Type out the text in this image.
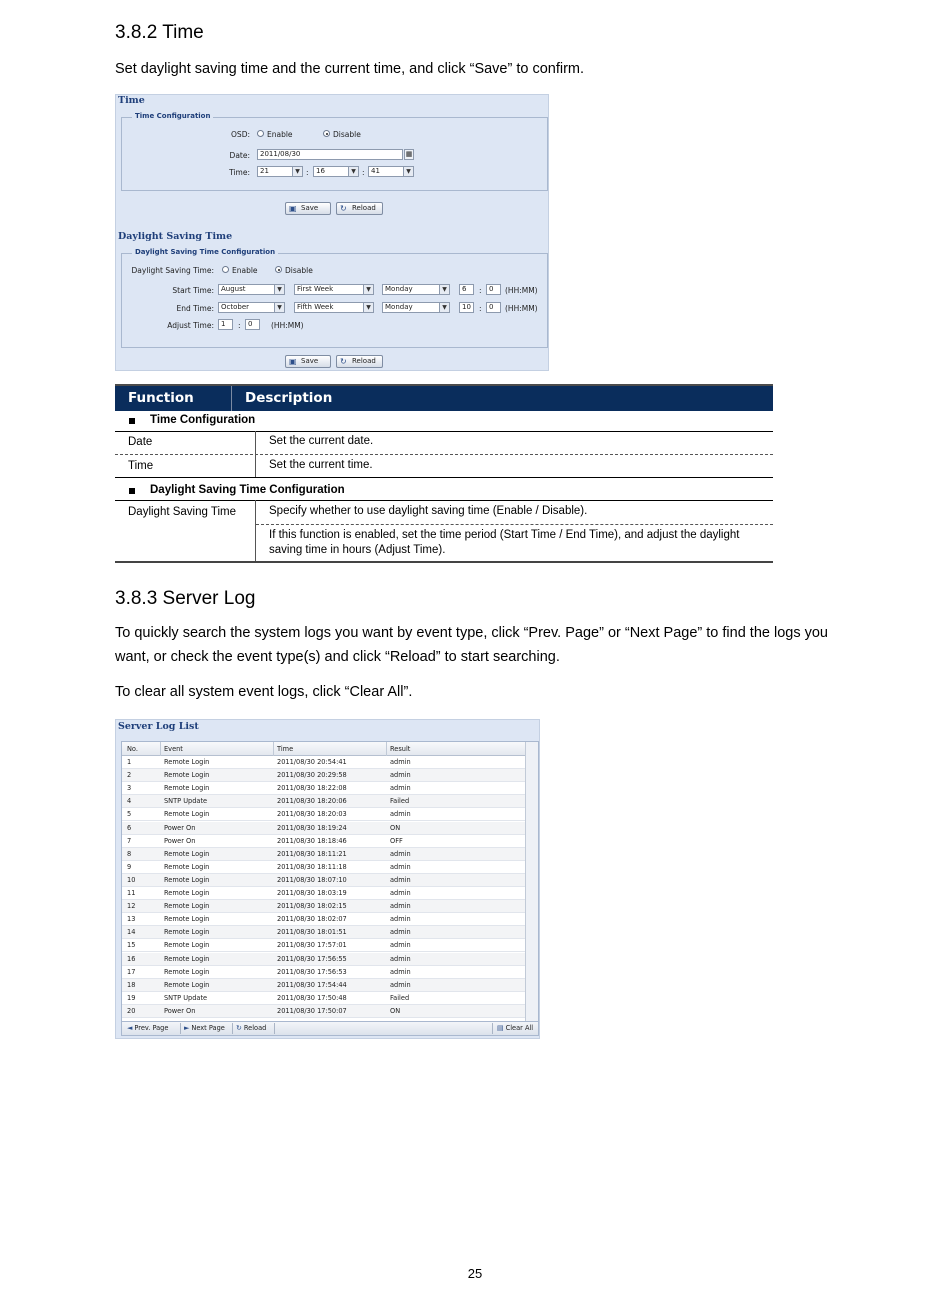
3.8.2 Time

Set daylight saving time and the current time, and click “Save” to confirm.

Time
Time Configuration
OSD: Enable	Disable
Date:	2011/08/30	▦
Time:	21	▼ :	16	▼ : 41	▼
▣ Save	↻ Reload
Daylight Saving Time
Daylight Saving Time Configuration
Daylight Saving Time: Enable	Disable
Start Time:	August	▼	First Week	▼	Monday	▼	6	:	0	(HH:MM)
End Time:	October	▼	Fifth Week	▼	Monday	▼	10	:	0	(HH:MM)
Adjust Time:	1	:	0	(HH:MM)
▣ Save	↻ Reload
Function	Description
Time Configuration
Date	Set the current date.
Time	Set the current time.
Daylight Saving Time Configuration
Daylight Saving Time	Specify whether to use daylight saving time (Enable / Disable).
If this function is enabled, set the time period (Start Time / End Time), and adjust the daylight
saving time in hours (Adjust Time).
3.8.3 Server Log

To quickly search the system logs you want by event type, click “Prev. Page” or “Next Page” to find the logs you
want, or check the event type(s) and click “Reload” to start searching.

To clear all system event logs, click “Clear All”.

Server Log List
No.	Event	Time	Result
1	Remote Login	2011/08/30 20:54:41	admin
2	Remote Login	2011/08/30 20:29:58	admin
3	Remote Login	2011/08/30 18:22:08	admin
4	SNTP Update	2011/08/30 18:20:06	Failed
5	Remote Login	2011/08/30 18:20:03	admin
6	Power On	2011/08/30 18:19:24	ON
7	Power On	2011/08/30 18:18:46	OFF
8	Remote Login	2011/08/30 18:11:21	admin
9	Remote Login	2011/08/30 18:11:18	admin
10	Remote Login	2011/08/30 18:07:10	admin
11	Remote Login	2011/08/30 18:03:19	admin
12	Remote Login	2011/08/30 18:02:15	admin
13	Remote Login	2011/08/30 18:02:07	admin
14	Remote Login	2011/08/30 18:01:51	admin
15	Remote Login	2011/08/30 17:57:01	admin
16	Remote Login	2011/08/30 17:56:55	admin
17	Remote Login	2011/08/30 17:56:53	admin
18	Remote Login	2011/08/30 17:54:44	admin
19	SNTP Update	2011/08/30 17:50:48	Failed
20	Power On	2011/08/30 17:50:07	ON
◄ Prev. Page ► Next Page ↻ Reload	▤ Clear All
25
